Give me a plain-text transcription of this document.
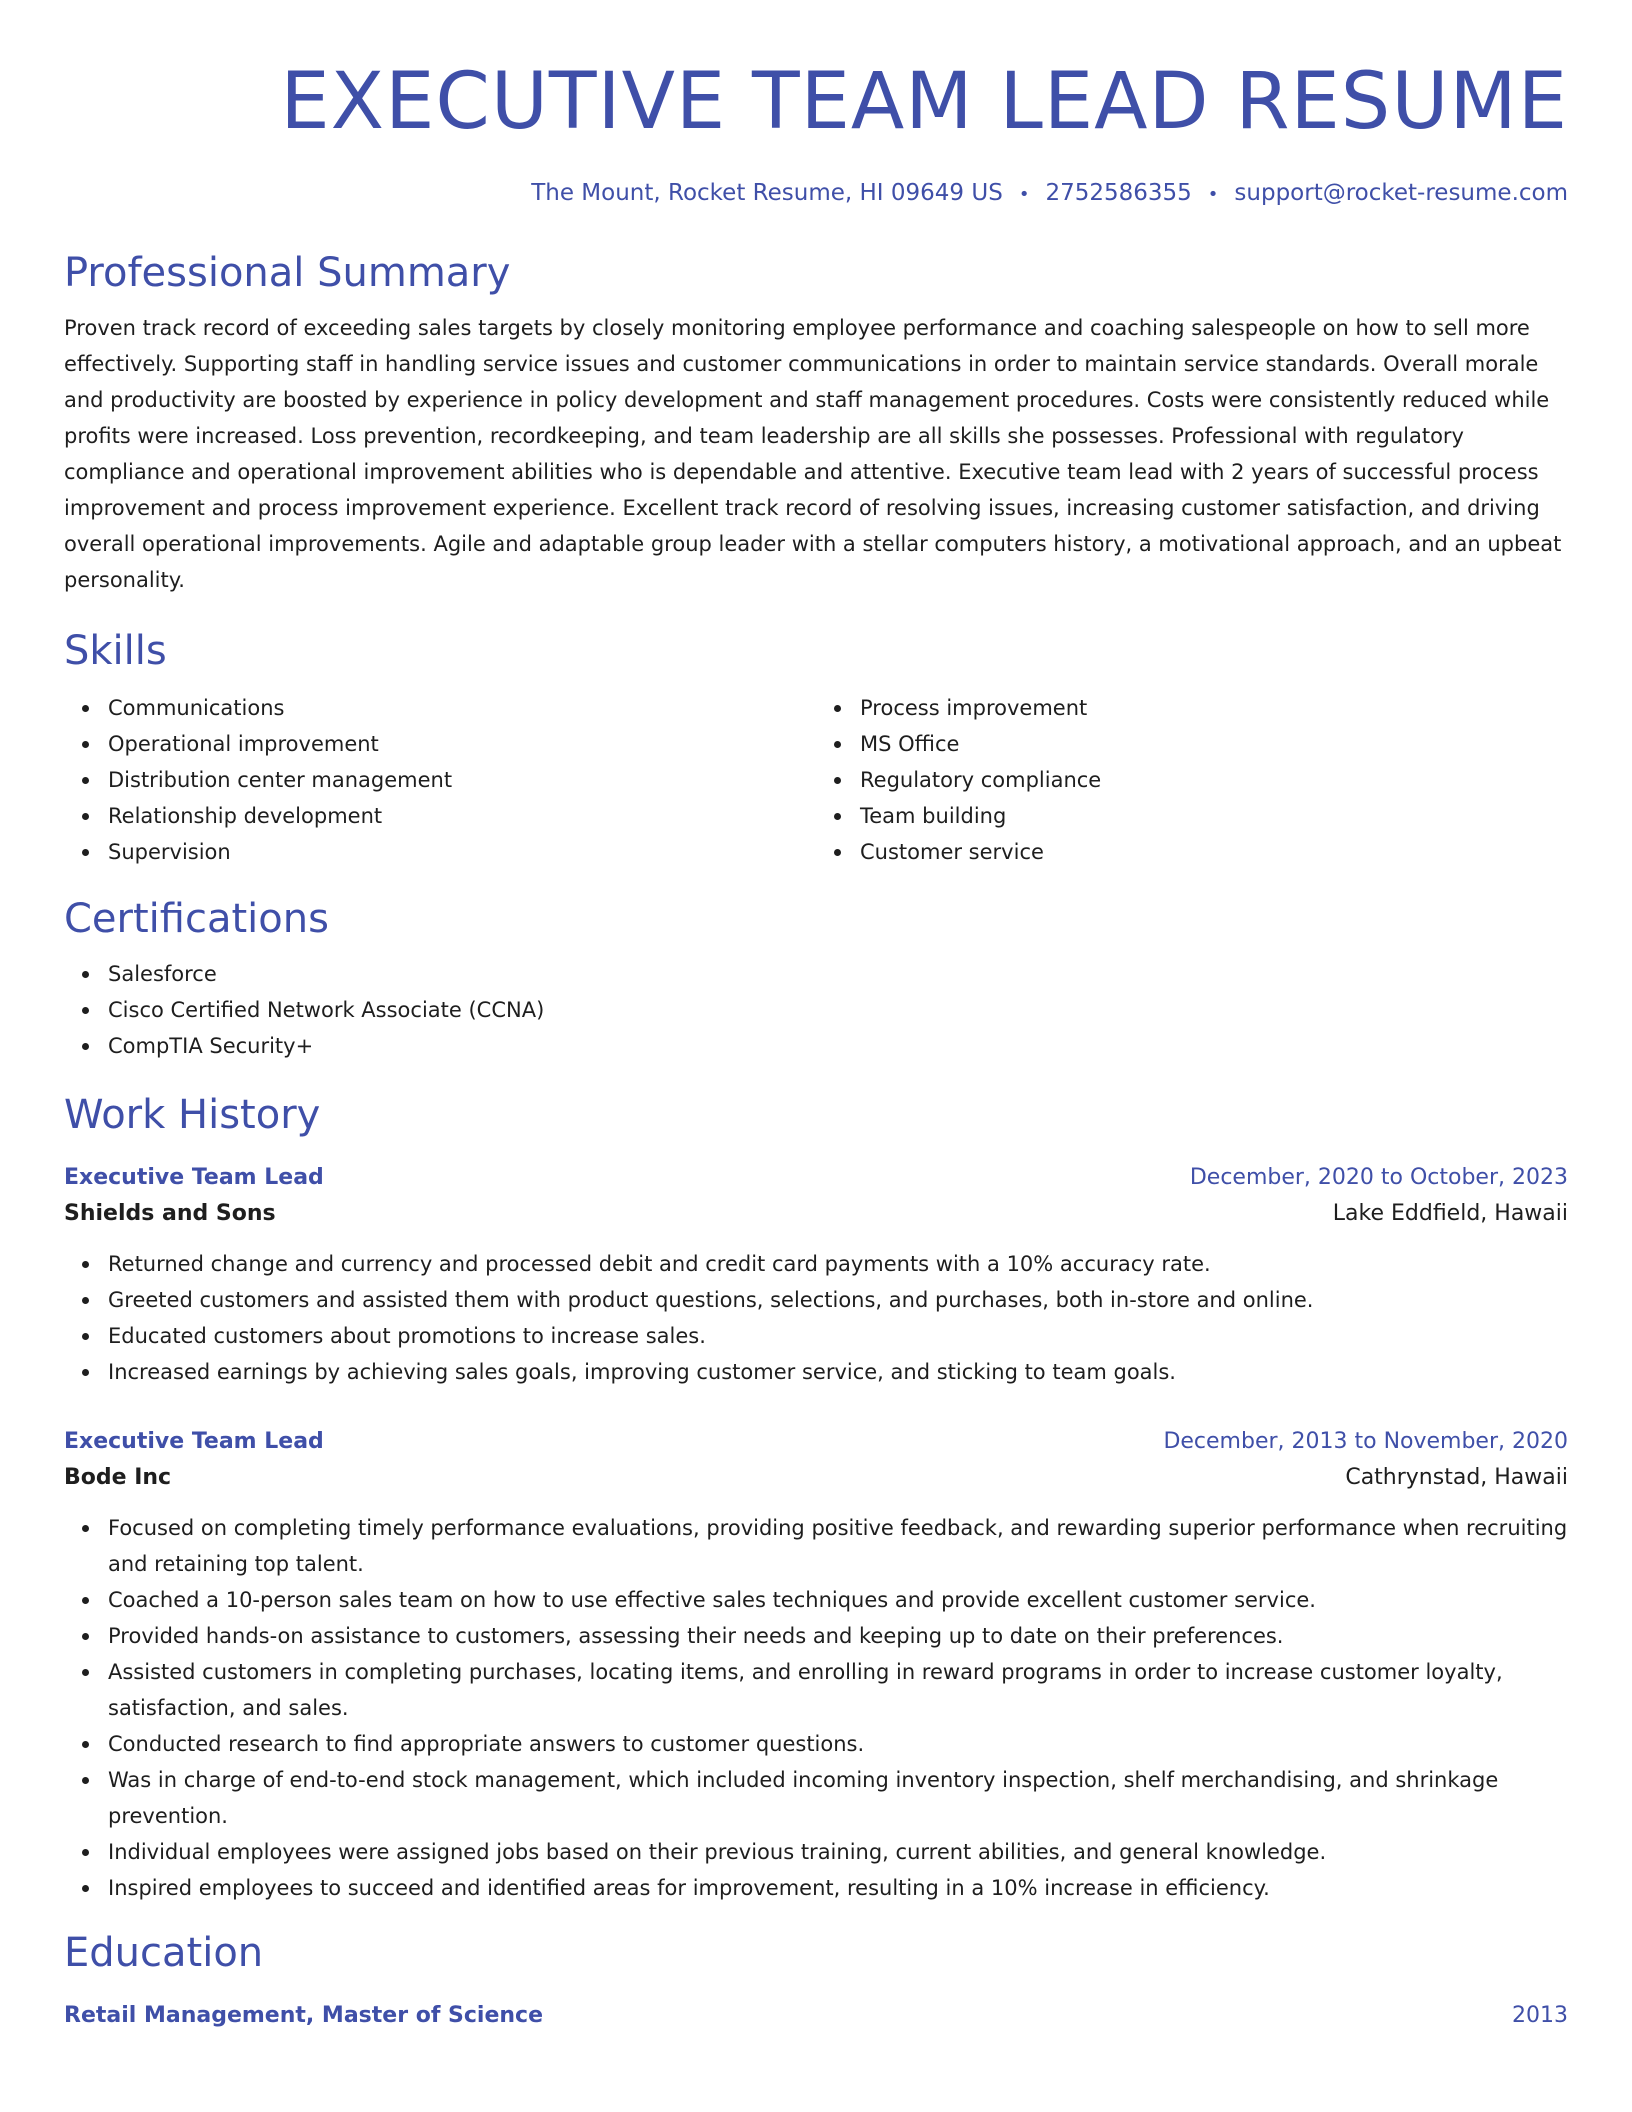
EXECUTIVE TEAM LEAD RESUME
The Mount, Rocket Resume, HI 09649 US • 2752586355 • support@rocket-resume.com
Professional Summary

Proven track record of exceeding sales targets by closely monitoring employee performance and coaching salespeople on how to sell more effectively. Supporting staff in handling service issues and customer communications in order to maintain service standards. Overall morale and productivity are boosted by experience in policy development and staff management procedures. Costs were consistently reduced while profits were increased. Loss prevention, recordkeeping, and team leadership are all skills she possesses. Professional with regulatory compliance and operational improvement abilities who is dependable and attentive. Executive team lead with 2 years of successful process improvement and process improvement experience. Excellent track record of resolving issues, increasing customer satisfaction, and driving overall operational improvements. Agile and adaptable group leader with a stellar computers history, a motivational approach, and an upbeat personality.

Skills
Communications
Operational improvement
Distribution center management
Relationship development
Supervision
Process improvement
MS Office
Regulatory compliance
Team building
Customer service
Certifications
Salesforce
Cisco Certified Network Associate (CCNA)
CompTIA Security+
Work History
Executive Team Lead	December, 2020 to October, 2023
Shields and Sons	Lake Eddfield, Hawaii
Returned change and currency and processed debit and credit card payments with a 10% accuracy rate.
Greeted customers and assisted them with product questions, selections, and purchases, both in-store and online.
Educated customers about promotions to increase sales.
Increased earnings by achieving sales goals, improving customer service, and sticking to team goals.
Executive Team Lead	December, 2013 to November, 2020
Bode Inc	Cathrynstad, Hawaii
Focused on completing timely performance evaluations, providing positive feedback, and rewarding superior performance when recruiting and retaining top talent.
Coached a 10-person sales team on how to use effective sales techniques and provide excellent customer service.
Provided hands-on assistance to customers, assessing their needs and keeping up to date on their preferences.
Assisted customers in completing purchases, locating items, and enrolling in reward programs in order to increase customer loyalty, satisfaction, and sales.
Conducted research to find appropriate answers to customer questions.
Was in charge of end-to-end stock management, which included incoming inventory inspection, shelf merchandising, and shrinkage prevention.
Individual employees were assigned jobs based on their previous training, current abilities, and general knowledge.
Inspired employees to succeed and identified areas for improvement, resulting in a 10% increase in efficiency.
Education
Retail Management, Master of Science	2013
